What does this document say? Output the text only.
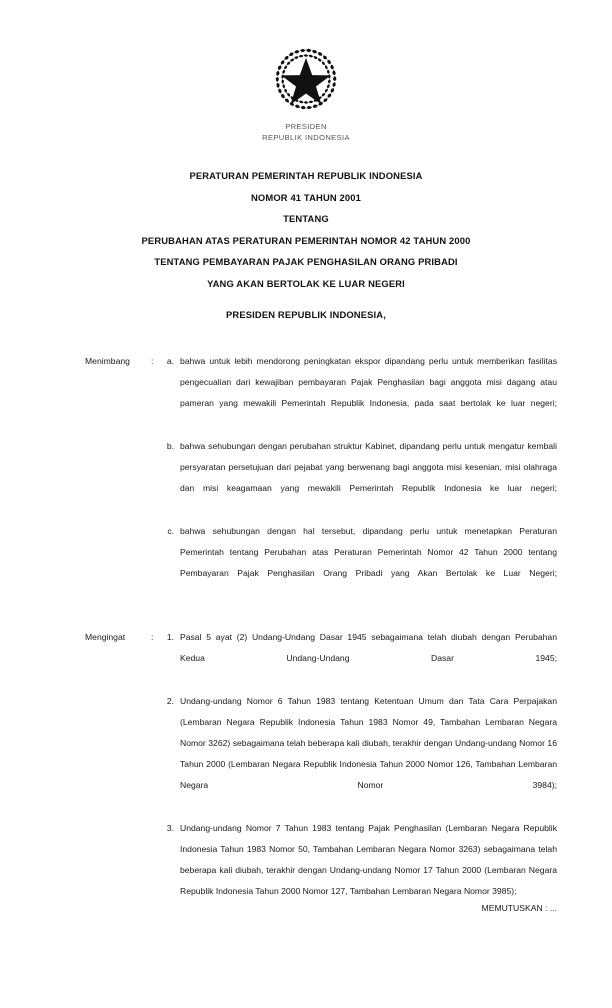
PRESIDEN
REPUBLIK INDONESIA
PERATURAN PEMERINTAH REPUBLIK INDONESIA
NOMOR 41 TAHUN 2001
TENTANG
PERUBAHAN ATAS PERATURAN PEMERINTAH NOMOR 42 TAHUN 2000
TENTANG PEMBAYARAN PAJAK PENGHASILAN ORANG PRIBADI
YANG AKAN BERTOLAK KE LUAR NEGERI
PRESIDEN REPUBLIK INDONESIA,
Menimbang	:	a. bahwa untuk lebih mendorong peningkatan ekspor dipandang perlu untuk memberikan fasilitas pengecualian dari kewajiban pembayaran Pajak Penghasilan bagi anggota misi dagang atau pameran yang mewakili Pemerintah Republik Indonesia, pada saat bertolak ke luar negeri;
b. bahwa sehubungan dengan perubahan struktur Kabinet, dipandang perlu untuk mengatur kembali persyaratan persetujuan dari pejabat yang berwenang bagi anggota misi kesenian, misi olahraga dan misi keagamaan yang mewakili Pemerintah Republik Indonesia ke luar negeri;
c. bahwa sehubungan dengan hal tersebut, dipandang perlu untuk menetapkan Peraturan Pemerintah tentang Perubahan atas Peraturan Pemerintah Nomor 42 Tahun 2000 tentang Pembayaran Pajak Penghasilan Orang Pribadi yang Akan Bertolak ke Luar Negeri;
Mengingat	:	1. Pasal 5 ayat (2) Undang-Undang Dasar 1945 sebagaimana telah diubah dengan Perubahan Kedua Undang-Undang Dasar 1945;
2. Undang-undang Nomor 6 Tahun 1983 tentang Ketentuan Umum dan Tata Cara Perpajakan (Lembaran Negara Republik Indonesia Tahun 1983 Nomor 49, Tambahan Lembaran Negara Nomor 3262) sebagaimana telah beberapa kali diubah, terakhir dengan Undang-undang Nomor 16 Tahun 2000 (Lembaran Negara Republik Indonesia Tahun 2000 Nomor 126, Tambahan Lembaran Negara Nomor 3984);
3. Undang-undang Nomor 7 Tahun 1983 tentang Pajak Penghasilan (Lembaran Negara Republik Indonesia Tahun 1983 Nomor 50, Tambahan Lembaran Negara Nomor 3263) sebagaimana telah beberapa kali diubah, terakhir dengan Undang-undang Nomor 17 Tahun 2000 (Lembaran Negara Republik Indonesia Tahun 2000 Nomor 127, Tambahan Lembaran Negara Nomor 3985);
MEMUTUSKAN : ...
